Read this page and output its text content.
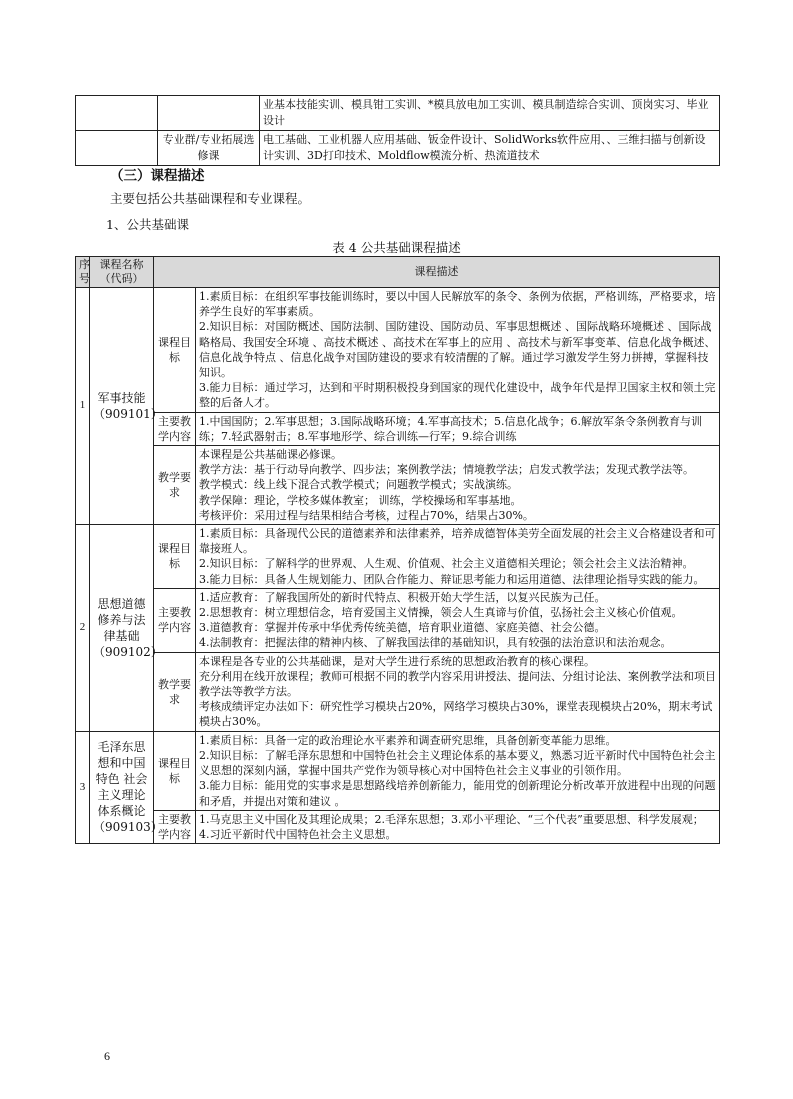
		业基本技能实训、模具钳工实训、*模具放电加工实训、模具制造综合实训、顶岗实习、毕业设计
	专业群/专业拓展选修课	电工基础、工业机器人应用基础、钣金件设计、SolidWorks软件应用、、三维扫描与创新设计实训、3D打印技术、Moldflow模流分析、热流道技术
（三）课程描述
主要包括公共基础课程和专业课程。
1、公共基础课
表 4 公共基础课程描述
序号	课程名称（代码）	课程描述	
1	军事技能（909101）	课程目标	1.素质目标：在组织军事技能训练时，要以中国人民解放军的条令、条例为依据，严格训练，严格要求，培养学生良好的军事素质。
2.知识目标：对国防概述、国防法制、国防建设、国防动员、军事思想概述 、国际战略环境概述 、国际战略格局、我国安全环境 、高技术概述 、高技术在军事上的应用 、高技术与新军事变革、信息化战争概述、信息化战争特点 、信息化战争对国防建设的要求有较清醒的了解。通过学习激发学生努力拼搏，掌握科技知识。
3.能力目标：通过学习，达到和平时期积极投身到国家的现代化建设中，战争年代是捍卫国家主权和领土完整的后备人才。

		主要教学内容	1.中国国防；2.军事思想；3.国际战略环境；4.军事高技术；5.信息化战争；6.解放军条令条例教育与训练；7.轻武器射击；8.军事地形学、综合训练—行军；9.综合训练

		教学要求	本课程是公共基础课必修课。
教学方法：基于行动导向教学、四步法；案例教学法；情境教学法；启发式教学法；发现式教学法等。
教学模式：线上线下混合式教学模式；问题教学模式；实战演练。
教学保障：理论，学校多媒体教室； 训练，学校操场和军事基地。
考核评价：采用过程与结果相结合考核，过程占70%，结果占30%。

2	思想道德修养与法律基础（909102）	课程目标	1.素质目标：具备现代公民的道德素养和法律素养，培养成德智体美劳全面发展的社会主义合格建设者和可靠接班人。
2.知识目标：了解科学的世界观、人生观、价值观、社会主义道德相关理论；领会社会主义法治精神。
3.能力目标：具备人生规划能力、团队合作能力、辩证思考能力和运用道德、法律理论指导实践的能力。

		主要教学内容	1.适应教育：了解我国所处的新时代特点、积极开始大学生活，以复兴民族为己任。
2.思想教育：树立理想信念，培育爱国主义情操，领会人生真谛与价值，弘扬社会主义核心价值观。
3.道德教育：掌握并传承中华优秀传统美德，培育职业道德、家庭美德、社会公德。
4.法制教育：把握法律的精神内核、了解我国法律的基础知识，具有较强的法治意识和法治观念。

		教学要求	本课程是各专业的公共基础课，是对大学生进行系统的思想政治教育的核心课程。
充分利用在线开放课程；教师可根据不同的教学内容采用讲授法、提问法、分组讨论法、案例教学法和项目教学法等教学方法。
考核成绩评定办法如下：研究性学习模块占20%，网络学习模块占30%，课堂表现模块占20%，期末考试模块占30%。

3	毛泽东思想和中国特色 社会主义理论体系概论（909103）	课程目标	1.素质目标：具备一定的政治理论水平素养和调查研究思维，具备创新变革能力思维。
2.知识目标：了解毛泽东思想和中国特色社会主义理论体系的基本要义，熟悉习近平新时代中国特色社会主义思想的深刻内涵，掌握中国共产党作为领导核心对中国特色社会主义事业的引领作用。
3.能力目标：能用党的实事求是思想路线培养创新能力，能用党的创新理论分析改革开放进程中出现的问题和矛盾，并提出对策和建议 。

		主要教学内容	1.马克思主义中国化及其理论成果；2.毛泽东思想；3.邓小平理论、“三个代表”重要思想、科学发展观； 4.习近平新时代中国特色社会主义思想。
6
